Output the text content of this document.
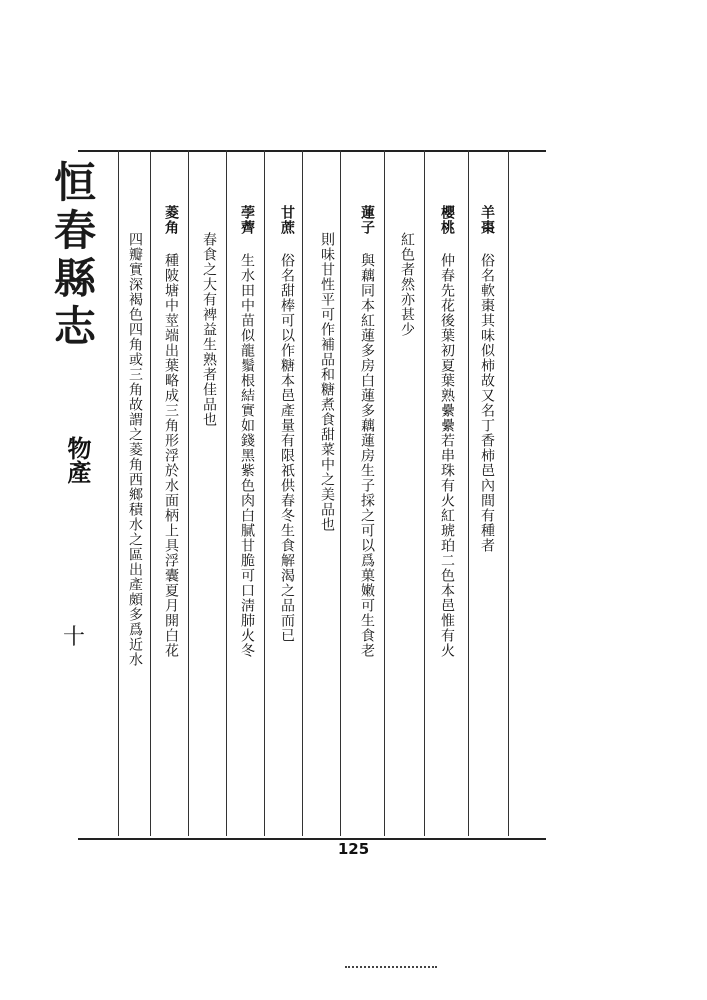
恒春縣志
物產
十
羊棗俗名軟棗其味似柿故又名丁香柿邑內間有種者
櫻桃仲春先花後葉初夏葉熟纍纍若串珠有火紅琥珀二色本邑惟有火
紅色者然亦甚少
蓮子與藕同本紅蓮多房白蓮多藕蓮房生子採之可以爲菓嫩可生食老
則味甘性平可作補品和糖煮食甜菜中之美品也
甘蔗俗名甜棒可以作糖本邑產量有限祇供春冬生食解渴之品而已
荸薺生水田中苗似龍鬚根結實如錢黑紫色肉白膩甘脆可口淸肺火冬
春食之大有裨益生熟者佳品也
菱角種陂塘中莖端出葉略成三角形浮於水面柄上具浮囊夏月開白花
四瓣實深褐色四角或三角故謂之菱角西鄉積水之區出產頗多爲近水
125
